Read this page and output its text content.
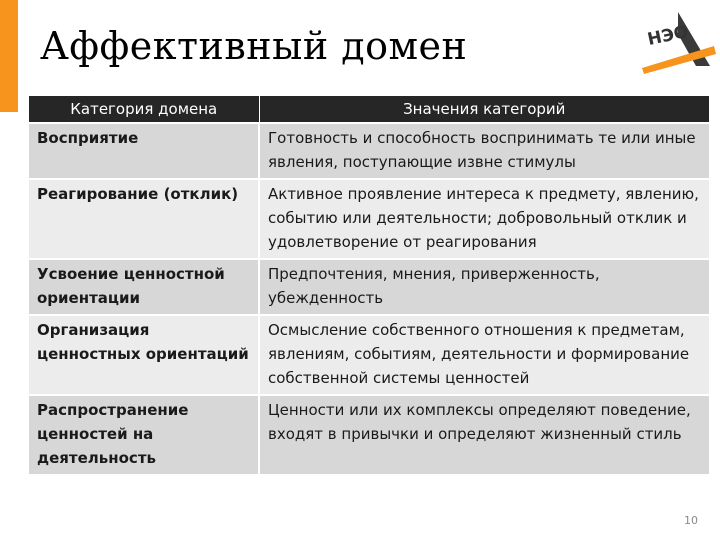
Аффективный домен	НЭО
Категория домена	Значения категорий
Восприятие	Готовность и способность воспринимать те или иные явления, поступающие извне стимулы
Реагирование (отклик)	Активное проявление интереса к предмету, явлению, событию или деятельности; добровольный отклик и удовлетворение от реагирования
Усвоение ценностной ориентации	Предпочтения, мнения, приверженность, убежденность
Организация ценностных ориентаций	Осмысление собственного отношения к предметам, явлениям, событиям, деятельности и формирование собственной системы ценностей
Распространение ценностей на деятельность	Ценности или их комплексы определяют поведение, входят в привычки и определяют жизненный стиль
10
